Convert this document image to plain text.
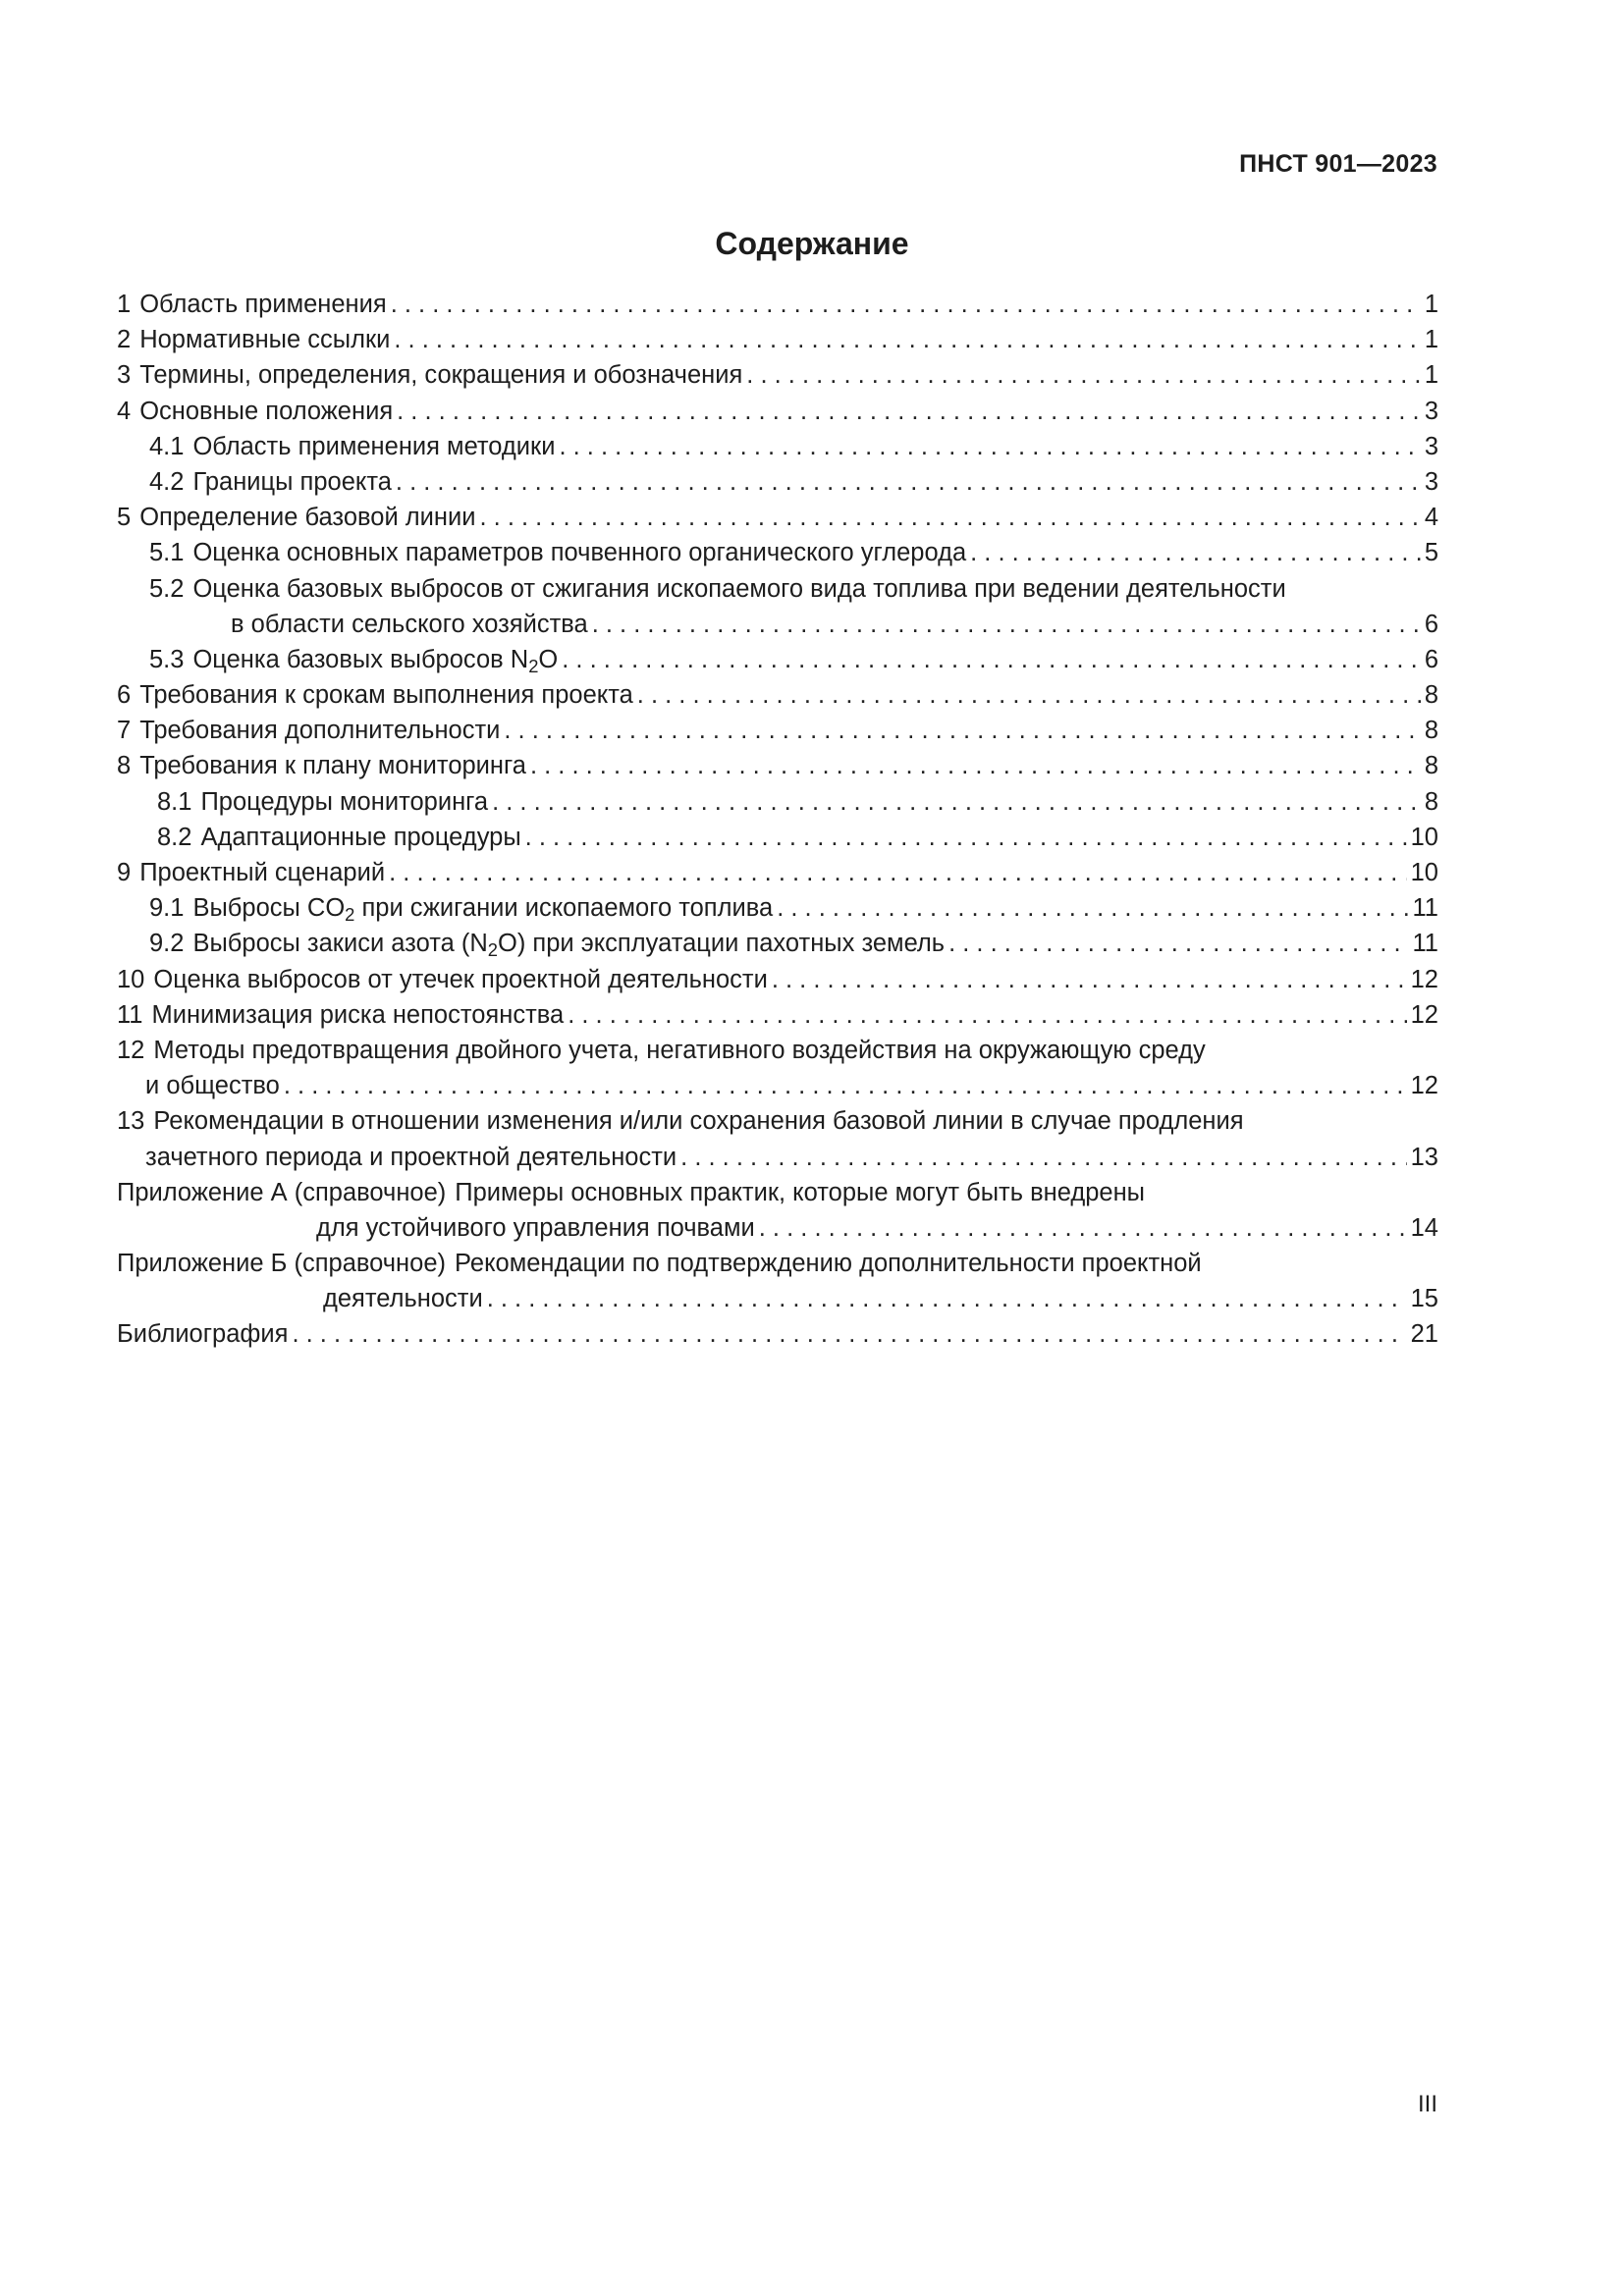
ПНСТ 901—2023
Содержание
1 Область применения . . .	1
2 Нормативные ссылки . . .	1
3 Термины, определения, сокращения и обозначения . . .	1
4 Основные положения . . .	3
4.1 Область применения методики . . .	3
4.2 Границы проекта . . .	3
5 Определение базовой линии . . .	4
5.1 Оценка основных параметров почвенного органического углерода . . .	5
5.2 Оценка базовых выбросов от сжигания ископаемого вида топлива при ведении деятельности
в области сельского хозяйства . . .	6
5.3 Оценка базовых выбросов $N_2O$ . . .	6
6 Требования к срокам выполнения проекта . . .	8
7 Требования дополнительности . . .	8
8 Требования к плану мониторинга . . .	8
8.1 Процедуры мониторинга . . .	8
8.2 Адаптационные процедуры . . .	10
9 Проектный сценарий . . .	10
9.1 Выбросы $CO_2$ при сжигании ископаемого топлива . . .	11
9.2 Выбросы закиси азота $(N_2O)$ при эксплуатации пахотных земель . . .	11
10 Оценка выбросов от утечек проектной деятельности . . .	12
11 Минимизация риска непостоянства . . .	12
12 Методы предотвращения двойного учета, негативного воздействия на окружающую среду
и общество . . .	12
13 Рекомендации в отношении изменения и/или сохранения базовой линии в случае продления
зачетного периода и проектной деятельности . . .	13
Приложение А (справочное) Примеры основных практик, которые могут быть внедрены
для устойчивого управления почвами . . .	14
Приложение Б (справочное) Рекомендации по подтверждению дополнительности проектной
деятельности . . .	15
Библиография . . .	21
III
